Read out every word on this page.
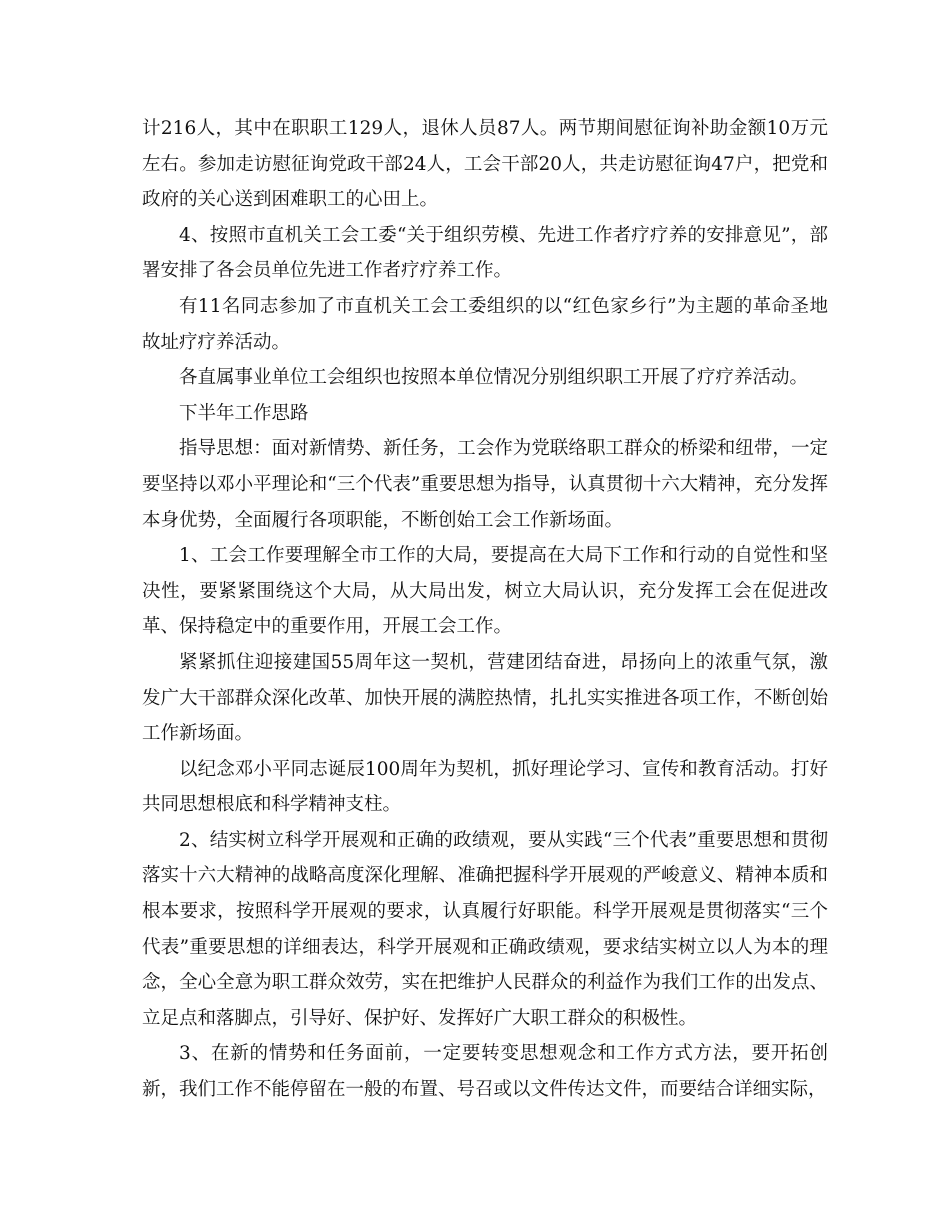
计216人，其中在职职工129人，退休人员87人。两节期间慰征询补助金额10万元左右。参加走访慰征询党政干部24人，工会干部20人，共走访慰征询47户，把党和政府的关心送到困难职工的心田上。

4、按照市直机关工会工委“关于组织劳模、先进工作者疗疗养的安排意见”，部署安排了各会员单位先进工作者疗疗养工作。

有11名同志参加了市直机关工会工委组织的以“红色家乡行”为主题的革命圣地故址疗疗养活动。

各直属事业单位工会组织也按照本单位情况分别组织职工开展了疗疗养活动。

下半年工作思路

指导思想：面对新情势、新任务，工会作为党联络职工群众的桥梁和纽带，一定要坚持以邓小平理论和“三个代表”重要思想为指导，认真贯彻十六大精神，充分发挥本身优势，全面履行各项职能，不断创始工会工作新场面。

1、工会工作要理解全市工作的大局，要提高在大局下工作和行动的自觉性和坚决性，要紧紧围绕这个大局，从大局出发，树立大局认识，充分发挥工会在促进改革、保持稳定中的重要作用，开展工会工作。

紧紧抓住迎接建国55周年这一契机，营建团结奋进，昂扬向上的浓重气氛，激发广大干部群众深化改革、加快开展的满腔热情，扎扎实实推进各项工作，不断创始工作新场面。

以纪念邓小平同志诞辰100周年为契机，抓好理论学习、宣传和教育活动。打好共同思想根底和科学精神支柱。

2、结实树立科学开展观和正确的政绩观，要从实践“三个代表”重要思想和贯彻落实十六大精神的战略高度深化理解、准确把握科学开展观的严峻意义、精神本质和根本要求，按照科学开展观的要求，认真履行好职能。科学开展观是贯彻落实“三个代表”重要思想的详细表达，科学开展观和正确政绩观，要求结实树立以人为本的理念，全心全意为职工群众效劳，实在把维护人民群众的利益作为我们工作的出发点、立足点和落脚点，引导好、保护好、发挥好广大职工群众的积极性。

3、在新的情势和任务面前，一定要转变思想观念和工作方式方法，要开拓创新，我们工作不能停留在一般的布置、号召或以文件传达文件，而要结合详细实际，
